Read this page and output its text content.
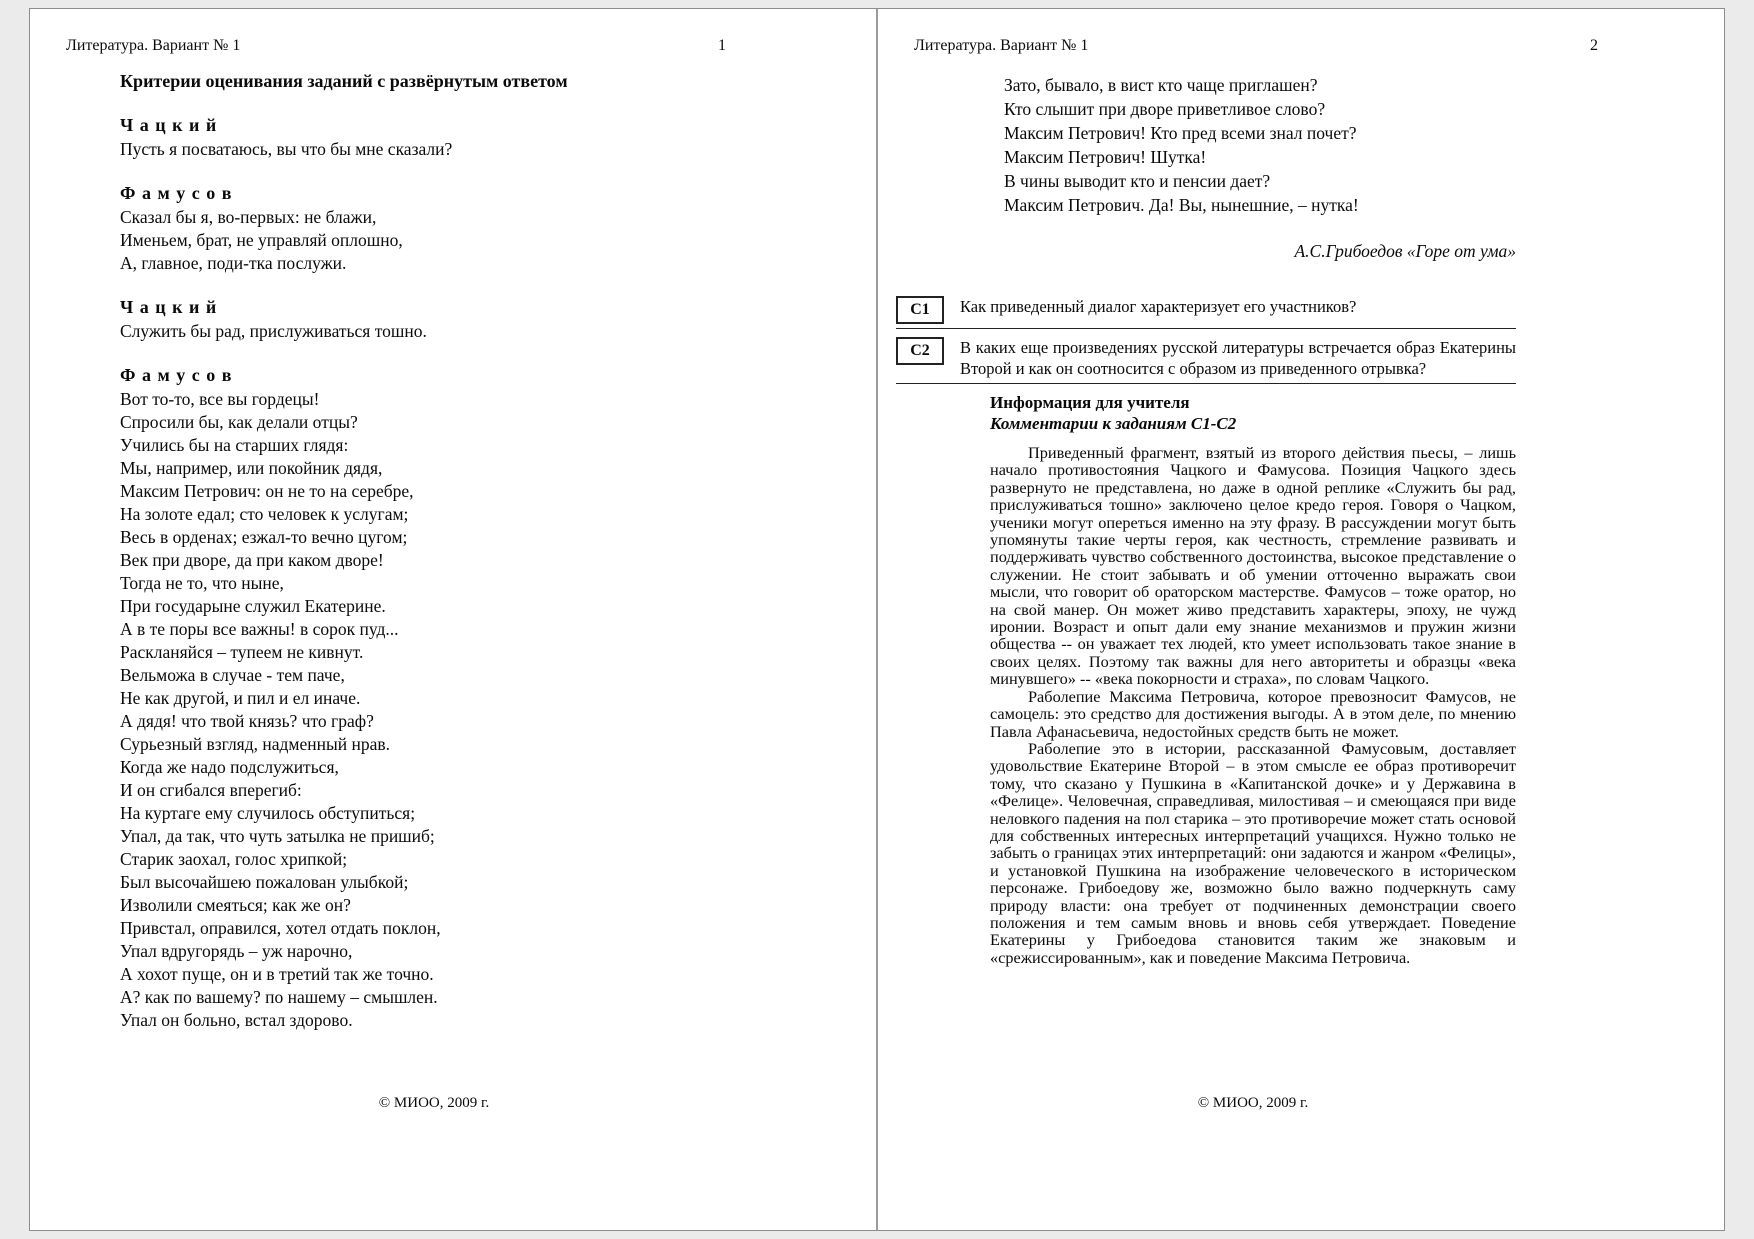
Литература. Вариант № 1	1
Критерии оценивания заданий с развёрнутым ответом
Ч а ц к и й
Пусть я посватаюсь, вы что бы мне сказали?
Ф а м у с о в
Сказал бы я, во-первых: не блажи,
Именьем, брат, не управляй оплошно,
А, главное, поди-тка послужи.
Ч а ц к и й
Служить бы рад, прислуживаться тошно.
Ф а м у с о в
Вот то-то, все вы гордецы!
Спросили бы, как делали отцы?
Учились бы на старших глядя:
Мы, например, или покойник дядя,
Максим Петрович: он не то на серебре,
На золоте едал; сто человек к услугам;
Весь в орденах; езжал-то вечно цугом;
Век при дворе, да при каком дворе!
Тогда не то, что ныне,
При государыне служил Екатерине.
А в те поры все важны! в сорок пуд...
Раскланяйся – тупеем не кивнут.
Вельможа в случае - тем паче,
Не как другой, и пил и ел иначе.
А дядя! что твой князь? что граф?
Сурьезный взгляд, надменный нрав.
Когда же надо подслужиться,
И он сгибался вперегиб:
На куртаге ему случилось обступиться;
Упал, да так, что чуть затылка не пришиб;
Старик заохал, голос хрипкой;
Был высочайшею пожалован улыбкой;
Изволили смеяться; как же он?
Привстал, оправился, хотел отдать поклон,
Упал вдругорядь – уж нарочно,
А хохот пуще, он и в третий так же точно.
А? как по вашему? по нашему – смышлен.
Упал он больно, встал здорово.
© МИОО, 2009 г.
Литература. Вариант № 1	2
Зато, бывало, в вист кто чаще приглашен?
Кто слышит при дворе приветливое слово?
Максим Петрович! Кто пред всеми знал почет?
Максим Петрович! Шутка!
В чины выводит кто и пенсии дает?
Максим Петрович. Да! Вы, нынешние, – нутка!
А.С.Грибоедов «Горе от ума»
С1	Как приведенный диалог характеризует его участников?
С2	В каких еще произведениях русской литературы встречается образ Екатерины Второй и как он соотносится с образом из приведенного отрывка?
Информация для учителя
Комментарии к заданиям С1-С2

Приведенный фрагмент, взятый из второго действия пьесы, – лишь начало противостояния Чацкого и Фамусова. Позиция Чацкого здесь развернуто не представлена, но даже в одной реплике «Служить бы рад, прислуживаться тошно» заключено целое кредо героя. Говоря о Чацком, ученики могут опереться именно на эту фразу. В рассуждении могут быть упомянуты такие черты героя, как честность, стремление развивать и поддерживать чувство собственного достоинства, высокое представление о служении. Не стоит забывать и об умении отточенно выражать свои мысли, что говорит об ораторском мастерстве. Фамусов – тоже оратор, но на свой манер. Он может живо представить характеры, эпоху, не чужд иронии. Возраст и опыт дали ему знание механизмов и пружин жизни общества -- он уважает тех людей, кто умеет использовать такое знание в своих целях. Поэтому так важны для него авторитеты и образцы «века минувшего» -- «века покорности и страха», по словам Чацкого.

Раболепие Максима Петровича, которое превозносит Фамусов, не самоцель: это средство для достижения выгоды. А в этом деле, по мнению Павла Афанасьевича, недостойных средств быть не может.

Раболепие это в истории, рассказанной Фамусовым, доставляет удовольствие Екатерине Второй – в этом смысле ее образ противоречит тому, что сказано у Пушкина в «Капитанской дочке» и у Державина в «Фелице». Человечная, справедливая, милостивая – и смеющаяся при виде неловкого падения на пол старика – это противоречие может стать основой для собственных интересных интерпретаций учащихся. Нужно только не забыть о границах этих интерпретаций: они задаются и жанром «Фелицы», и установкой Пушкина на изображение человеческого в историческом персонаже. Грибоедову же, возможно было важно подчеркнуть саму природу власти: она требует от подчиненных демонстрации своего положения и тем самым вновь и вновь себя утверждает. Поведение Екатерины у Грибоедова становится таким же знаковым и «срежиссированным», как и поведение Максима Петровича.

© МИОО, 2009 г.
